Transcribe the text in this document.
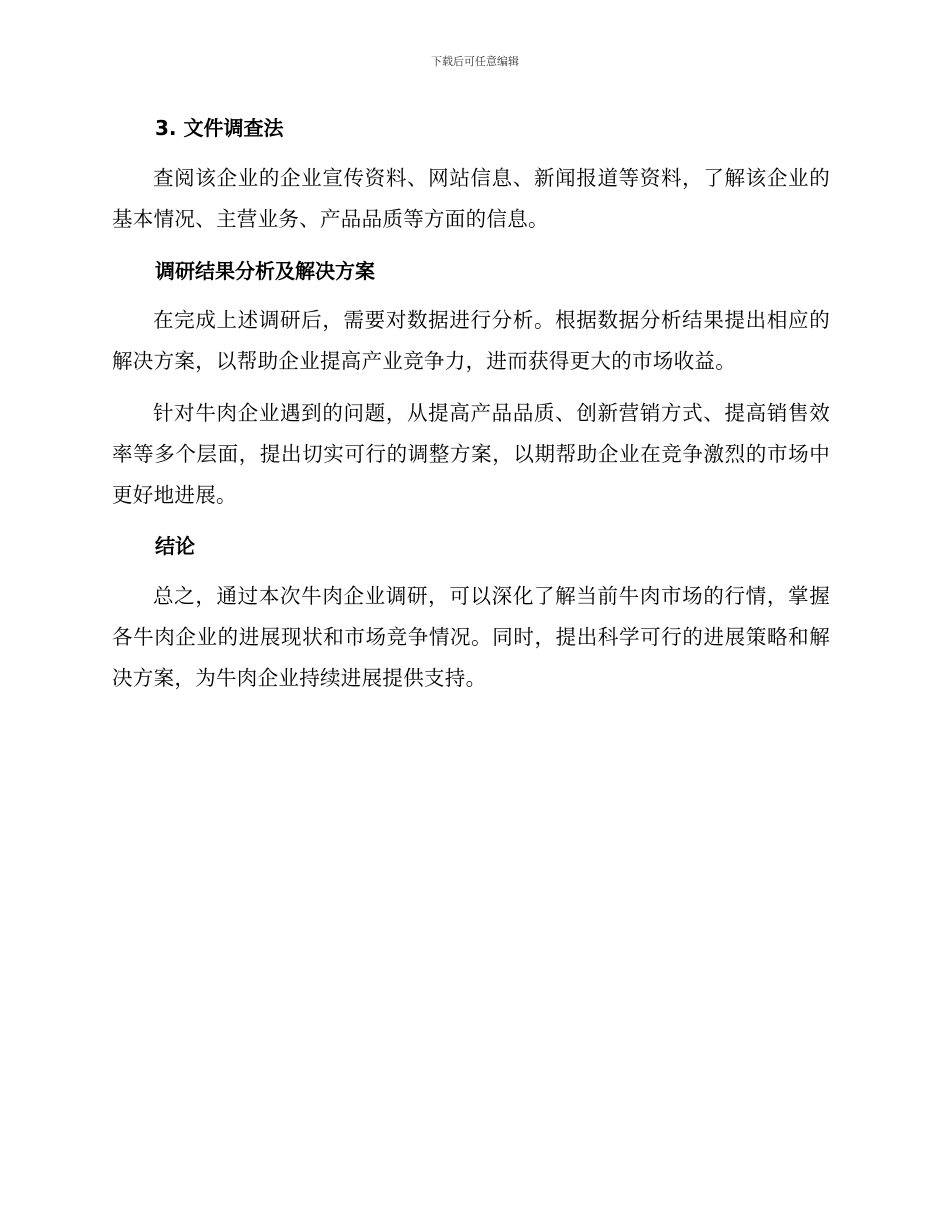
下载后可任意编辑
3. 文件调查法

查阅该企业的企业宣传资料、网站信息、新闻报道等资料，了解该企业的基本情况、主营业务、产品品质等方面的信息。

调研结果分析及解决方案

在完成上述调研后，需要对数据进行分析。根据数据分析结果提出相应的解决方案，以帮助企业提高产业竞争力，进而获得更大的市场收益。

针对牛肉企业遇到的问题，从提高产品品质、创新营销方式、提高销售效率等多个层面，提出切实可行的调整方案，以期帮助企业在竞争激烈的市场中更好地进展。

结论

总之，通过本次牛肉企业调研，可以深化了解当前牛肉市场的行情，掌握各牛肉企业的进展现状和市场竞争情况。同时，提出科学可行的进展策略和解决方案，为牛肉企业持续进展提供支持。
